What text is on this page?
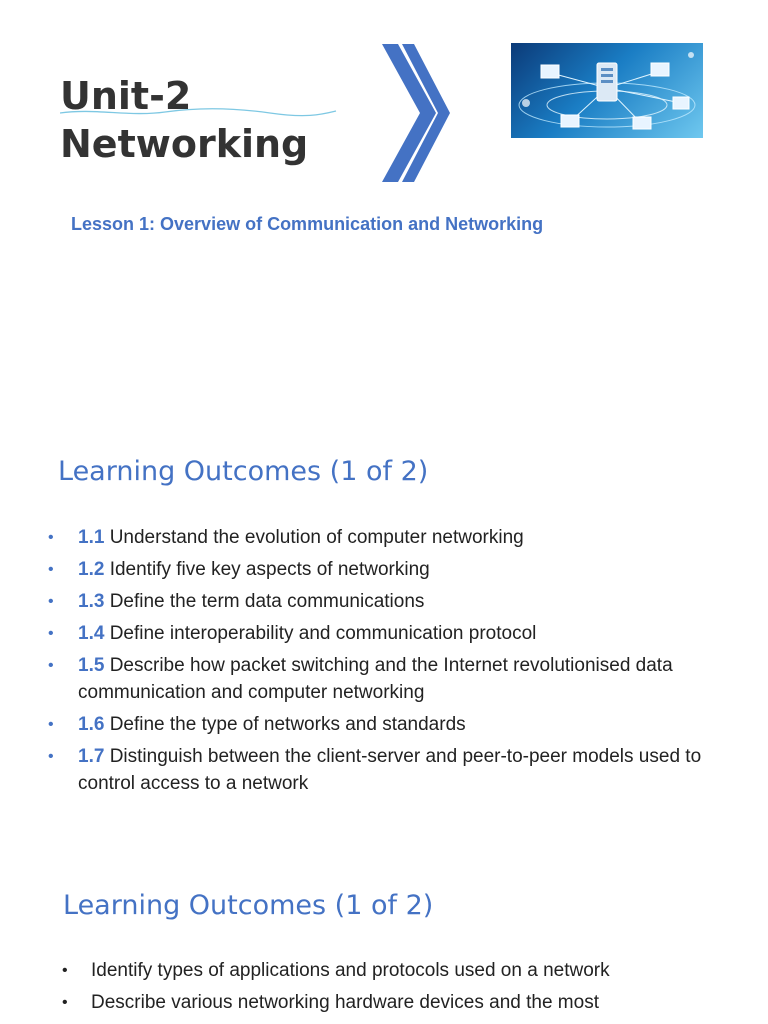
Unit-2
Networking

Lesson 1: Overview of Communication and Networking

Learning Outcomes (1 of 2)
• 1.1 Understand the evolution of computer networking
• 1.2 Identify five key aspects of networking
• 1.3 Define the term data communications
• 1.4 Define interoperability and communication protocol
• 1.5 Describe how packet switching and the Internet revolutionised data communication and computer networking
• 1.6 Define the type of networks and standards
• 1.7 Distinguish between the client-server and peer-to-peer models used to control access to a network
Learning Outcomes (1 of 2)
• Identify types of applications and protocols used on a network
• Describe various networking hardware devices and the most
